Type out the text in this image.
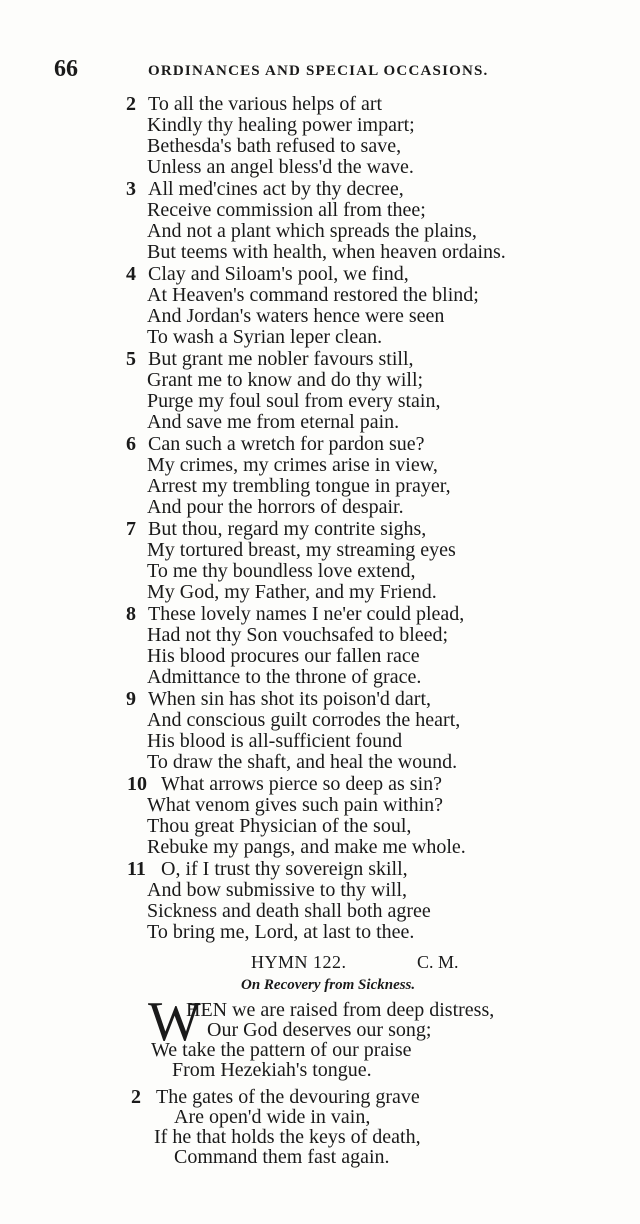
66	ORDINANCES AND SPECIAL OCCASIONS.
2 To all the various helps of art
Kindly thy healing power impart;
Bethesda's bath refused to save,
Unless an angel bless'd the wave.
3 All med'cines act by thy decree,
Receive commission all from thee;
And not a plant which spreads the plains,
But teems with health, when heaven ordains.
4 Clay and Siloam's pool, we find,
At Heaven's command restored the blind;
And Jordan's waters hence were seen
To wash a Syrian leper clean.
5 But grant me nobler favours still,
Grant me to know and do thy will;
Purge my foul soul from every stain,
And save me from eternal pain.
6 Can such a wretch for pardon sue?
My crimes, my crimes arise in view,
Arrest my trembling tongue in prayer,
And pour the horrors of despair.
7 But thou, regard my contrite sighs,
My tortured breast, my streaming eyes
To me thy boundless love extend,
My God, my Father, and my Friend.
8 These lovely names I ne'er could plead,
Had not thy Son vouchsafed to bleed;
His blood procures our fallen race
Admittance to the throne of grace.
9 When sin has shot its poison'd dart,
And conscious guilt corrodes the heart,
His blood is all-sufficient found
To draw the shaft, and heal the wound.
10 What arrows pierce so deep as sin?
What venom gives such pain within?
Thou great Physician of the soul,
Rebuke my pangs, and make me whole.
11 O, if I trust thy sovereign skill,
And bow submissive to thy will,
Sickness and death shall both agree
To bring me, Lord, at last to thee.
HYMN 122.	C. M.
On Recovery from Sickness.
W
HEN we are raised from deep distress,
Our God deserves our song;
We take the pattern of our praise
From Hezekiah's tongue.
2 The gates of the devouring grave
Are open'd wide in vain,
If he that holds the keys of death,
Command them fast again.
